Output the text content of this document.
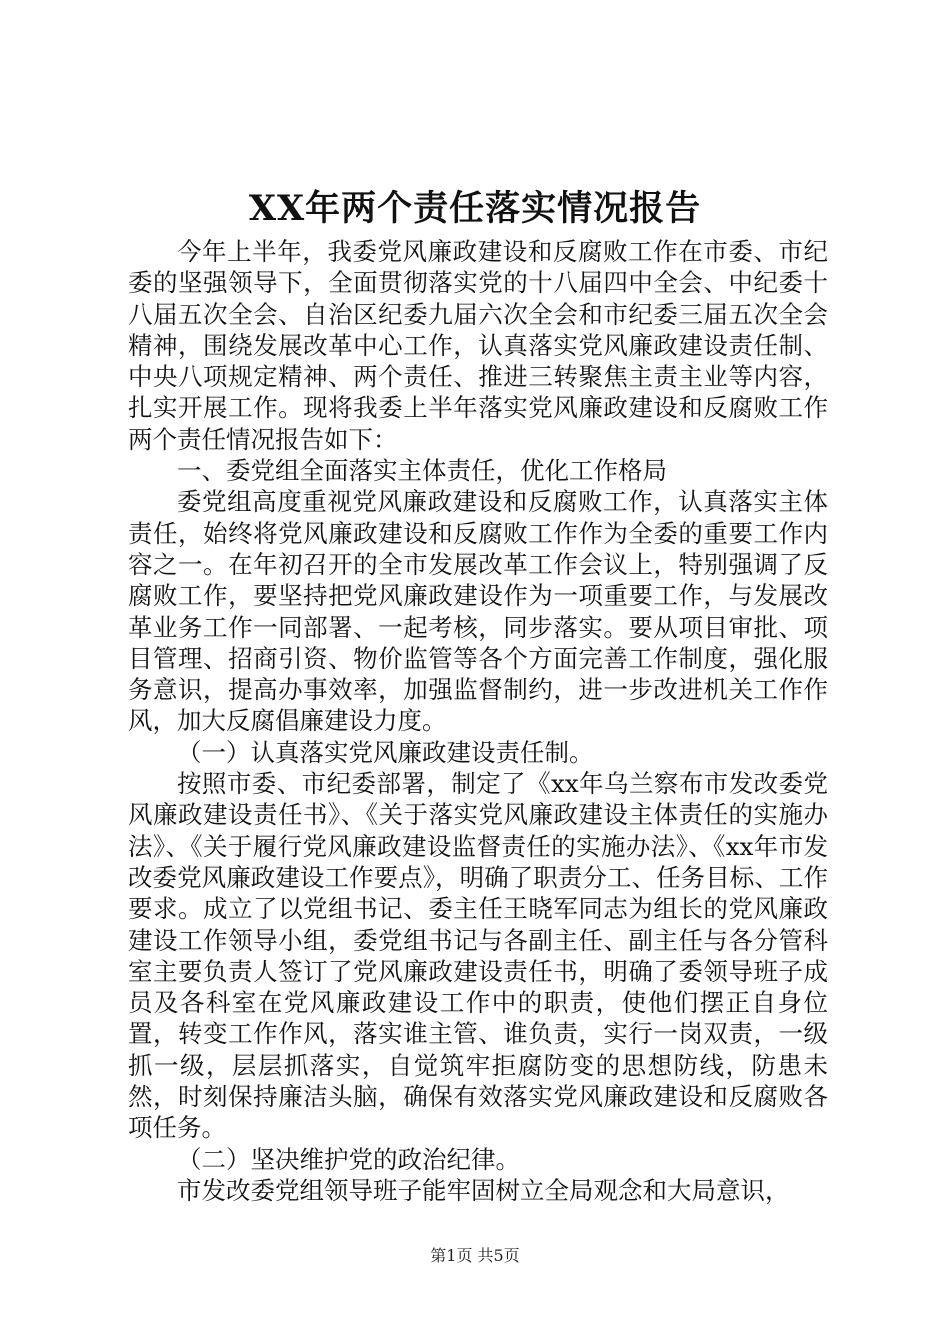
XX年两个责任落实情况报告

今年上半年，我委党风廉政建设和反腐败工作在市委、市纪委的坚强领导下，全面贯彻落实党的十八届四中全会、中纪委十八届五次全会、自治区纪委九届六次全会和市纪委三届五次全会精神，围绕发展改革中心工作，认真落实党风廉政建设责任制、中央八项规定精神、两个责任、推进三转聚焦主责主业等内容，扎实开展工作。现将我委上半年落实党风廉政建设和反腐败工作两个责任情况报告如下：

一、委党组全面落实主体责任，优化工作格局

委党组高度重视党风廉政建设和反腐败工作，认真落实主体责任，始终将党风廉政建设和反腐败工作作为全委的重要工作内容之一。在年初召开的全市发展改革工作会议上，特别强调了反腐败工作，要坚持把党风廉政建设作为一项重要工作，与发展改革业务工作一同部署、一起考核，同步落实。要从项目审批、项目管理、招商引资、物价监管等各个方面完善工作制度，强化服务意识，提高办事效率，加强监督制约，进一步改进机关工作作风，加大反腐倡廉建设力度。

（一）认真落实党风廉政建设责任制。

按照市委、市纪委部署，制定了《xx年乌兰察布市发改委党风廉政建设责任书》、《关于落实党风廉政建设主体责任的实施办法》、《关于履行党风廉政建设监督责任的实施办法》、《xx年市发改委党风廉政建设工作要点》，明确了职责分工、任务目标、工作要求。成立了以党组书记、委主任王晓军同志为组长的党风廉政建设工作领导小组，委党组书记与各副主任、副主任与各分管科室主要负责人签订了党风廉政建设责任书，明确了委领导班子成员及各科室在党风廉政建设工作中的职责，使他们摆正自身位置，转变工作作风，落实谁主管、谁负责，实行一岗双责，一级抓一级，层层抓落实，自觉筑牢拒腐防变的思想防线，防患未然，时刻保持廉洁头脑，确保有效落实党风廉政建设和反腐败各项任务。

（二）坚决维护党的政治纪律。

市发改委党组领导班子能牢固树立全局观念和大局意识，

第1页 共5页
